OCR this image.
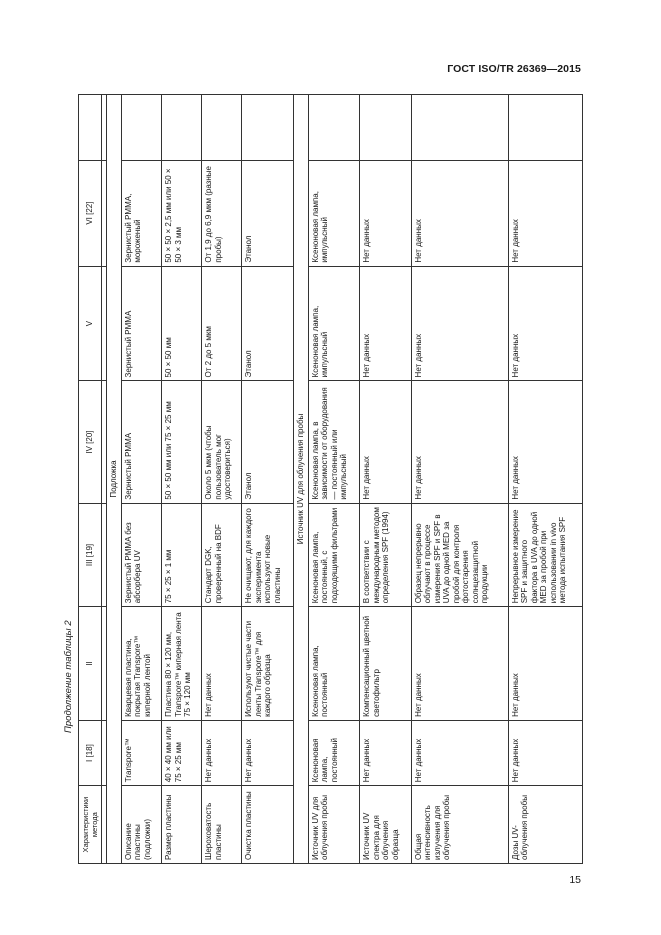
ГОСТ ISO/TR 26369—2015
Продолжение таблицы 2
Характеристики метода	I [18]	II	III [19]	IV [20]	V	VI [22]	

Подложка							
Описание пластины (подложки)	Transpore™	Кварцевая пластина, покрытая Transpore™ киперной лентой	Зернистый PMMA без абсорбера UV	Зернистый PMMA	Зернистый PMMA	Зернистый PMMA, мороженый	
Размер пластины	40 × 40 мм или 75 × 25 мм	Пластина 80 × 120 мм, Transpore™ киперная лента 75 × 120 мм	75 × 25 × 1 мм	50 × 50 мм или 75 × 25 мм	50 × 50 мм	50 × 50 × 2,5 мм или 50 × 50 × 3 мм	
Шероховатость пластины	Нет данных	Нет данных	Стандарт DGK, проверенный на BDF	Около 5 мкм (чтобы пользователь мог удостовериться)	От 2 до 5 мкм	От 1,9 до 6,9 мкм (разные пробы)	
Очистка пластины	Нет данных	Используют чистые части ленты Transpore™ для каждого образца	Не очищают, для каждого эксперимента используют новые пластины	Этанол	Этанол	Этанол	
Источник UV для облучения пробы							
Источник UV для облучения пробы	Ксеноновая лампа, постоянный	Ксеноновая лампа, постоянный	Ксеноновая лампа, постоянный, с подходящими фильтрами	Ксеноновая лампа, в зависимости от оборудования — постоянный или импульсный	Ксеноновая лампа, импульсный	Ксеноновая лампа, импульсный	
Источник UV спектра для облучения образца	Нет данных	Компенсационный цветной светофильтр	В соответствии с международным методом определения SPF (1994)	Нет данных	Нет данных	Нет данных	
Общая интенсивность излучения для облучения пробы	Нет данных	Нет данных	Образец непрерывно облучают в процессе измерения SPF и SPF в UVA до одной MED за пробой для контроля фотостарения солнцезащитной продукции	Нет данных	Нет данных	Нет данных	
Дозы UV-облучения пробы	Нет данных	Нет данных	Непрерывное измерение SPF и защитного фактора в UVA до одной MED за пробой при использовании in vivo метода испытания SPF	Нет данных	Нет данных	Нет данных	
15
